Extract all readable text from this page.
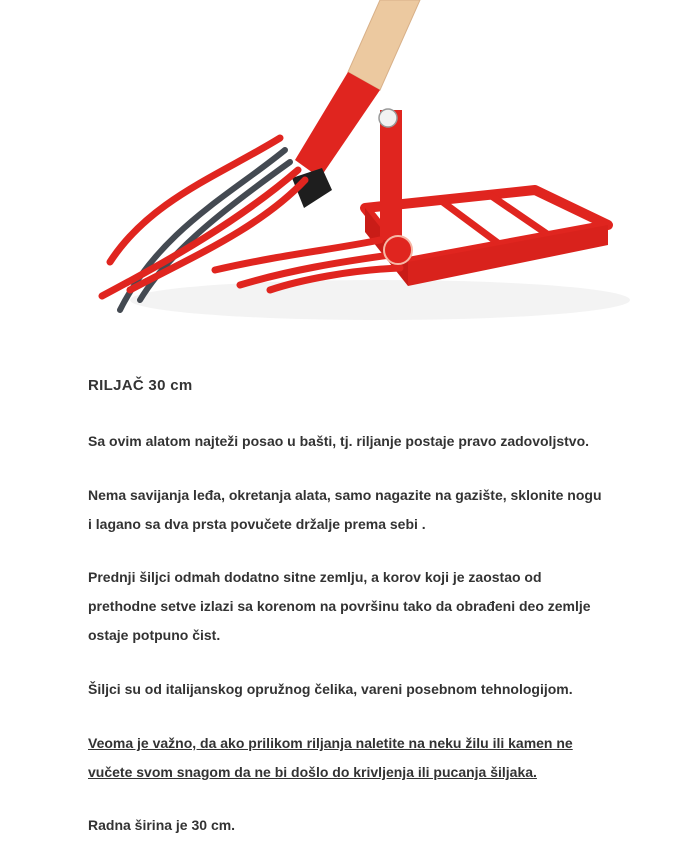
RILJAČ 30 cm
Sa ovim alatom najteži posao u bašti, tj. riljanje postaje pravo zadovoljstvo.
Nema savijanja leđa, okretanja alata, samo nagazite na gazište, sklonite nogu
i lagano sa dva prsta povučete držalje prema sebi .
Prednji šiljci odmah dodatno sitne zemlju, a korov koji je zaostao od
prethodne setve izlazi sa korenom na površinu tako da obrađeni deo zemlje
ostaje potpuno čist.
Šiljci su od italijanskog opružnog čelika, vareni posebnom tehnologijom.
Veoma je važno, da ako prilikom riljanja naletite na neku žilu ili kamen ne
vučete svom snagom da ne bi došlo do krivljenja ili pucanja šiljaka.
Radna širina je 30 cm.
